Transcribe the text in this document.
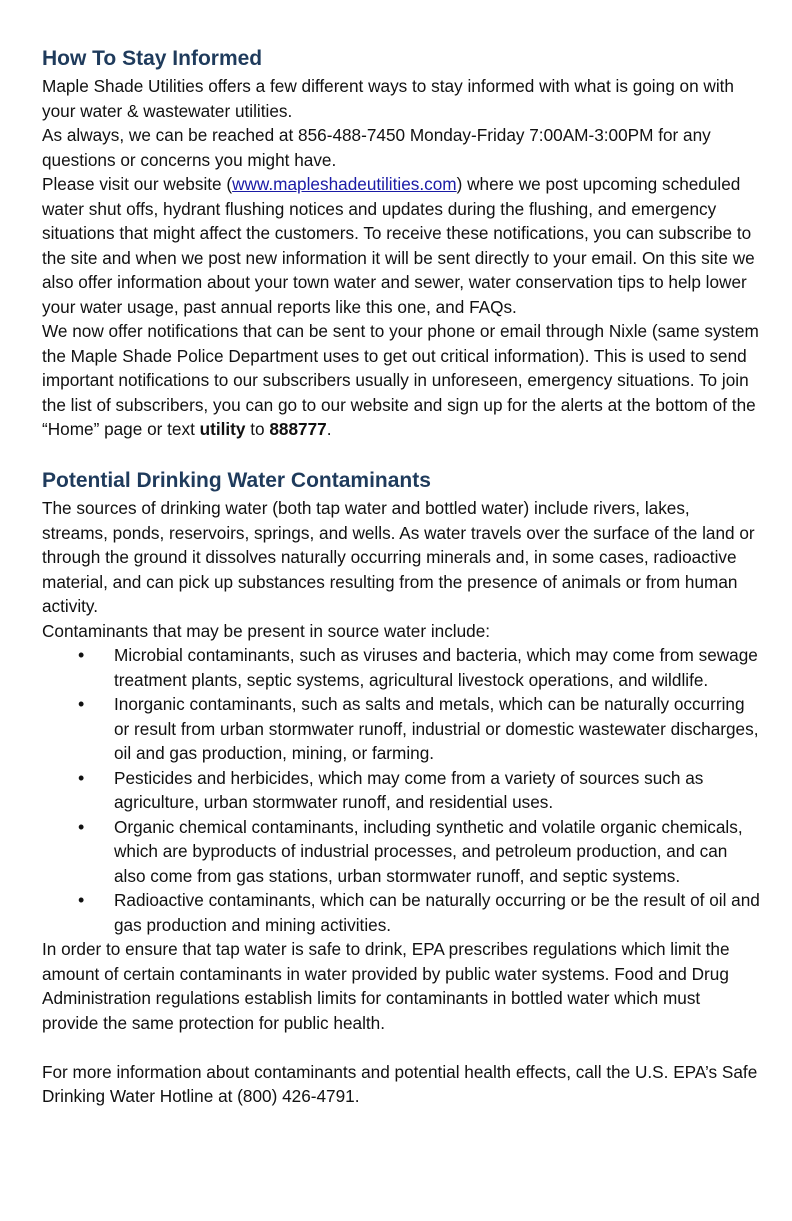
How To Stay Informed

Maple Shade Utilities offers a few different ways to stay informed with what is going on with your water & wastewater utilities.

As always, we can be reached at 856-488-7450 Monday-Friday 7:00AM-3:00PM for any questions or concerns you might have.

Please visit our website (www.mapleshadeutilities.com) where we post upcoming scheduled water shut offs, hydrant flushing notices and updates during the flushing, and emergency situations that might affect the customers. To receive these notifications, you can subscribe to the site and when we post new information it will be sent directly to your email. On this site we also offer information about your town water and sewer, water conservation tips to help lower your water usage, past annual reports like this one, and FAQs.

We now offer notifications that can be sent to your phone or email through Nixle (same system the Maple Shade Police Department uses to get out critical information). This is used to send important notifications to our subscribers usually in unforeseen, emergency situations. To join the list of subscribers, you can go to our website and sign up for the alerts at the bottom of the “Home” page or text utility to 888777.

Potential Drinking Water Contaminants

The sources of drinking water (both tap water and bottled water) include rivers, lakes, streams, ponds, reservoirs, springs, and wells. As water travels over the surface of the land or through the ground it dissolves naturally occurring minerals and, in some cases, radioactive material, and can pick up substances resulting from the presence of animals or from human activity.

Contaminants that may be present in source water include:

• Microbial contaminants, such as viruses and bacteria, which may come from sewage treatment plants, septic systems, agricultural livestock operations, and wildlife.
• Inorganic contaminants, such as salts and metals, which can be naturally occurring or result from urban stormwater runoff, industrial or domestic wastewater discharges, oil and gas production, mining, or farming.
• Pesticides and herbicides, which may come from a variety of sources such as agriculture, urban stormwater runoff, and residential uses.
• Organic chemical contaminants, including synthetic and volatile organic chemicals, which are byproducts of industrial processes, and petroleum production, and can also come from gas stations, urban stormwater runoff, and septic systems.
• Radioactive contaminants, which can be naturally occurring or be the result of oil and gas production and mining activities.

In order to ensure that tap water is safe to drink, EPA prescribes regulations which limit the amount of certain contaminants in water provided by public water systems. Food and Drug Administration regulations establish limits for contaminants in bottled water which must provide the same protection for public health.

For more information about contaminants and potential health effects, call the U.S. EPA’s Safe Drinking Water Hotline at (800) 426-4791.
